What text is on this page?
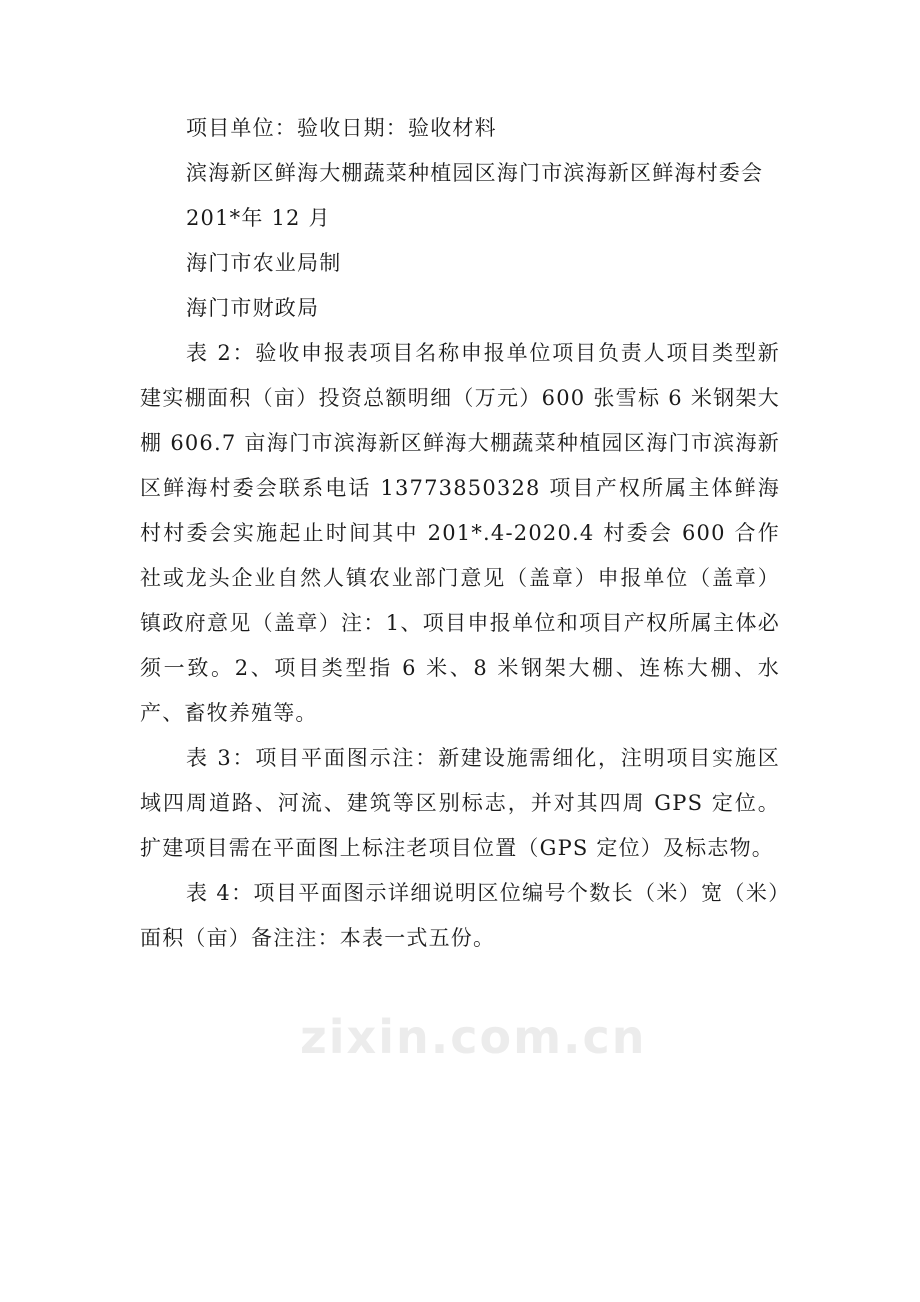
项目单位：验收日期：验收材料

滨海新区鲜海大棚蔬菜种植园区海门市滨海新区鲜海村委会

201*年 12 月

海门市农业局制

海门市财政局

表 2：验收申报表项目名称申报单位项目负责人项目类型新建实棚面积（亩）投资总额明细（万元）600 张雪标 6 米钢架大棚 606.7 亩海门市滨海新区鲜海大棚蔬菜种植园区海门市滨海新区鲜海村委会联系电话 13773850328 项目产权所属主体鲜海村村委会实施起止时间其中 201*.4-2020.4 村委会 600 合作社或龙头企业自然人镇农业部门意见（盖章）申报单位（盖章）镇政府意见（盖章）注：1、项目申报单位和项目产权所属主体必须一致。2、项目类型指 6 米、8 米钢架大棚、连栋大棚、水产、畜牧养殖等。

表 3：项目平面图示注：新建设施需细化，注明项目实施区域四周道路、河流、建筑等区别标志，并对其四周 GPS 定位。扩建项目需在平面图上标注老项目位置（GPS 定位）及标志物。

表 4：项目平面图示详细说明区位编号个数长（米）宽（米）面积（亩）备注注：本表一式五份。

zixin.com.cn
